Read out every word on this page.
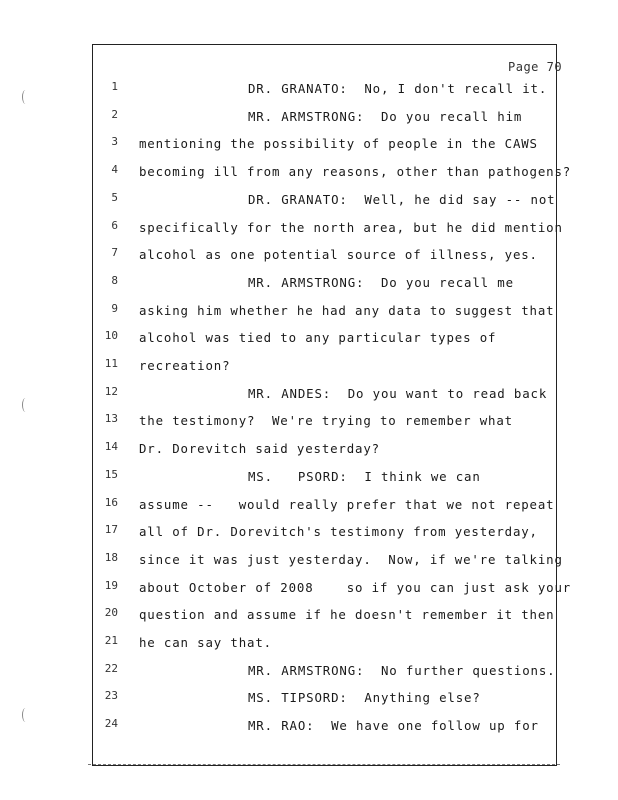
Page 70
1	DR. GRANATO:  No, I don't recall it.
2	MR. ARMSTRONG:  Do you recall him
3 mentioning the possibility of people in the CAWS
4 becoming ill from any reasons, other than pathogens?
5	DR. GRANATO:  Well, he did say -- not
6 specifically for the north area, but he did mention
7 alcohol as one potential source of illness, yes.
8	MR. ARMSTRONG:  Do you recall me
9 asking him whether he had any data to suggest that
10 alcohol was tied to any particular types of
11 recreation?
12	MR. ANDES:  Do you want to read back
13 the testimony?  We're trying to remember what
14 Dr. Dorevitch said yesterday?
15	MS.   PSORD:  I think we can
16 assume --   would really prefer that we not repeat
17 all of Dr. Dorevitch's testimony from yesterday,
18 since it was just yesterday.  Now, if we're talking
19 about October of 2008    so if you can just ask your
20 question and assume if he doesn't remember it then
21 he can say that.
22	MR. ARMSTRONG:  No further questions.
23	MS. TIPSORD:  Anything else?
24	MR. RAO:  We have one follow up for
